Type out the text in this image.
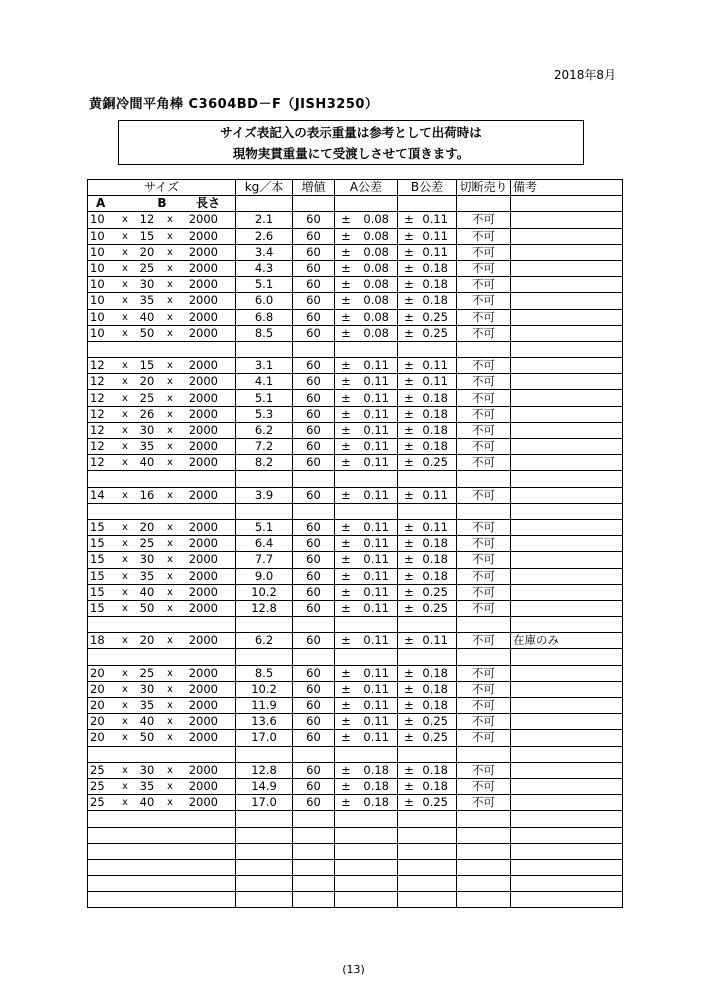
2018年8月
黄銅冷間平角棒 C3604BD－F（JISH3250）
サイズ表記入の表示重量は参考として出荷時は
現物実貫重量にて受渡しさせて頂きます。
サイズ	kg／本	増値	A公差	B公差	切断売り	備考

A B 長さ						

10 x 12 x 2000	2.1	60	± 0.08	± 0.11	不可	

10 x 15 x 2000	2.6	60	± 0.08	± 0.11	不可	

10 x 20 x 2000	3.4	60	± 0.08	± 0.11	不可	

10 x 25 x 2000	4.3	60	± 0.08	± 0.18	不可	

10 x 30 x 2000	5.1	60	± 0.08	± 0.18	不可	

10 x 35 x 2000	6.0	60	± 0.08	± 0.18	不可	

10 x 40 x 2000	6.8	60	± 0.08	± 0.25	不可	

10 x 50 x 2000	8.5	60	± 0.08	± 0.25	不可	

12 x 15 x 2000	3.1	60	± 0.11	± 0.11	不可	

12 x 20 x 2000	4.1	60	± 0.11	± 0.11	不可	

12 x 25 x 2000	5.1	60	± 0.11	± 0.18	不可	

12 x 26 x 2000	5.3	60	± 0.11	± 0.18	不可	

12 x 30 x 2000	6.2	60	± 0.11	± 0.18	不可	

12 x 35 x 2000	7.2	60	± 0.11	± 0.18	不可	

12 x 40 x 2000	8.2	60	± 0.11	± 0.25	不可	

14 x 16 x 2000	3.9	60	± 0.11	± 0.11	不可	

15 x 20 x 2000	5.1	60	± 0.11	± 0.11	不可	

15 x 25 x 2000	6.4	60	± 0.11	± 0.18	不可	

15 x 30 x 2000	7.7	60	± 0.11	± 0.18	不可	

15 x 35 x 2000	9.0	60	± 0.11	± 0.18	不可	

15 x 40 x 2000	10.2	60	± 0.11	± 0.25	不可	

15 x 50 x 2000	12.8	60	± 0.11	± 0.25	不可	

18 x 20 x 2000	6.2	60	± 0.11	± 0.11	不可	在庫のみ

20 x 25 x 2000	8.5	60	± 0.11	± 0.18	不可	

20 x 30 x 2000	10.2	60	± 0.11	± 0.18	不可	

20 x 35 x 2000	11.9	60	± 0.11	± 0.18	不可	

20 x 40 x 2000	13.6	60	± 0.11	± 0.25	不可	

20 x 50 x 2000	17.0	60	± 0.11	± 0.25	不可	

25 x 30 x 2000	12.8	60	± 0.18	± 0.18	不可	

25 x 35 x 2000	14.9	60	± 0.18	± 0.18	不可	

25 x 40 x 2000	17.0	60	± 0.18	± 0.25	不可	

(13)
